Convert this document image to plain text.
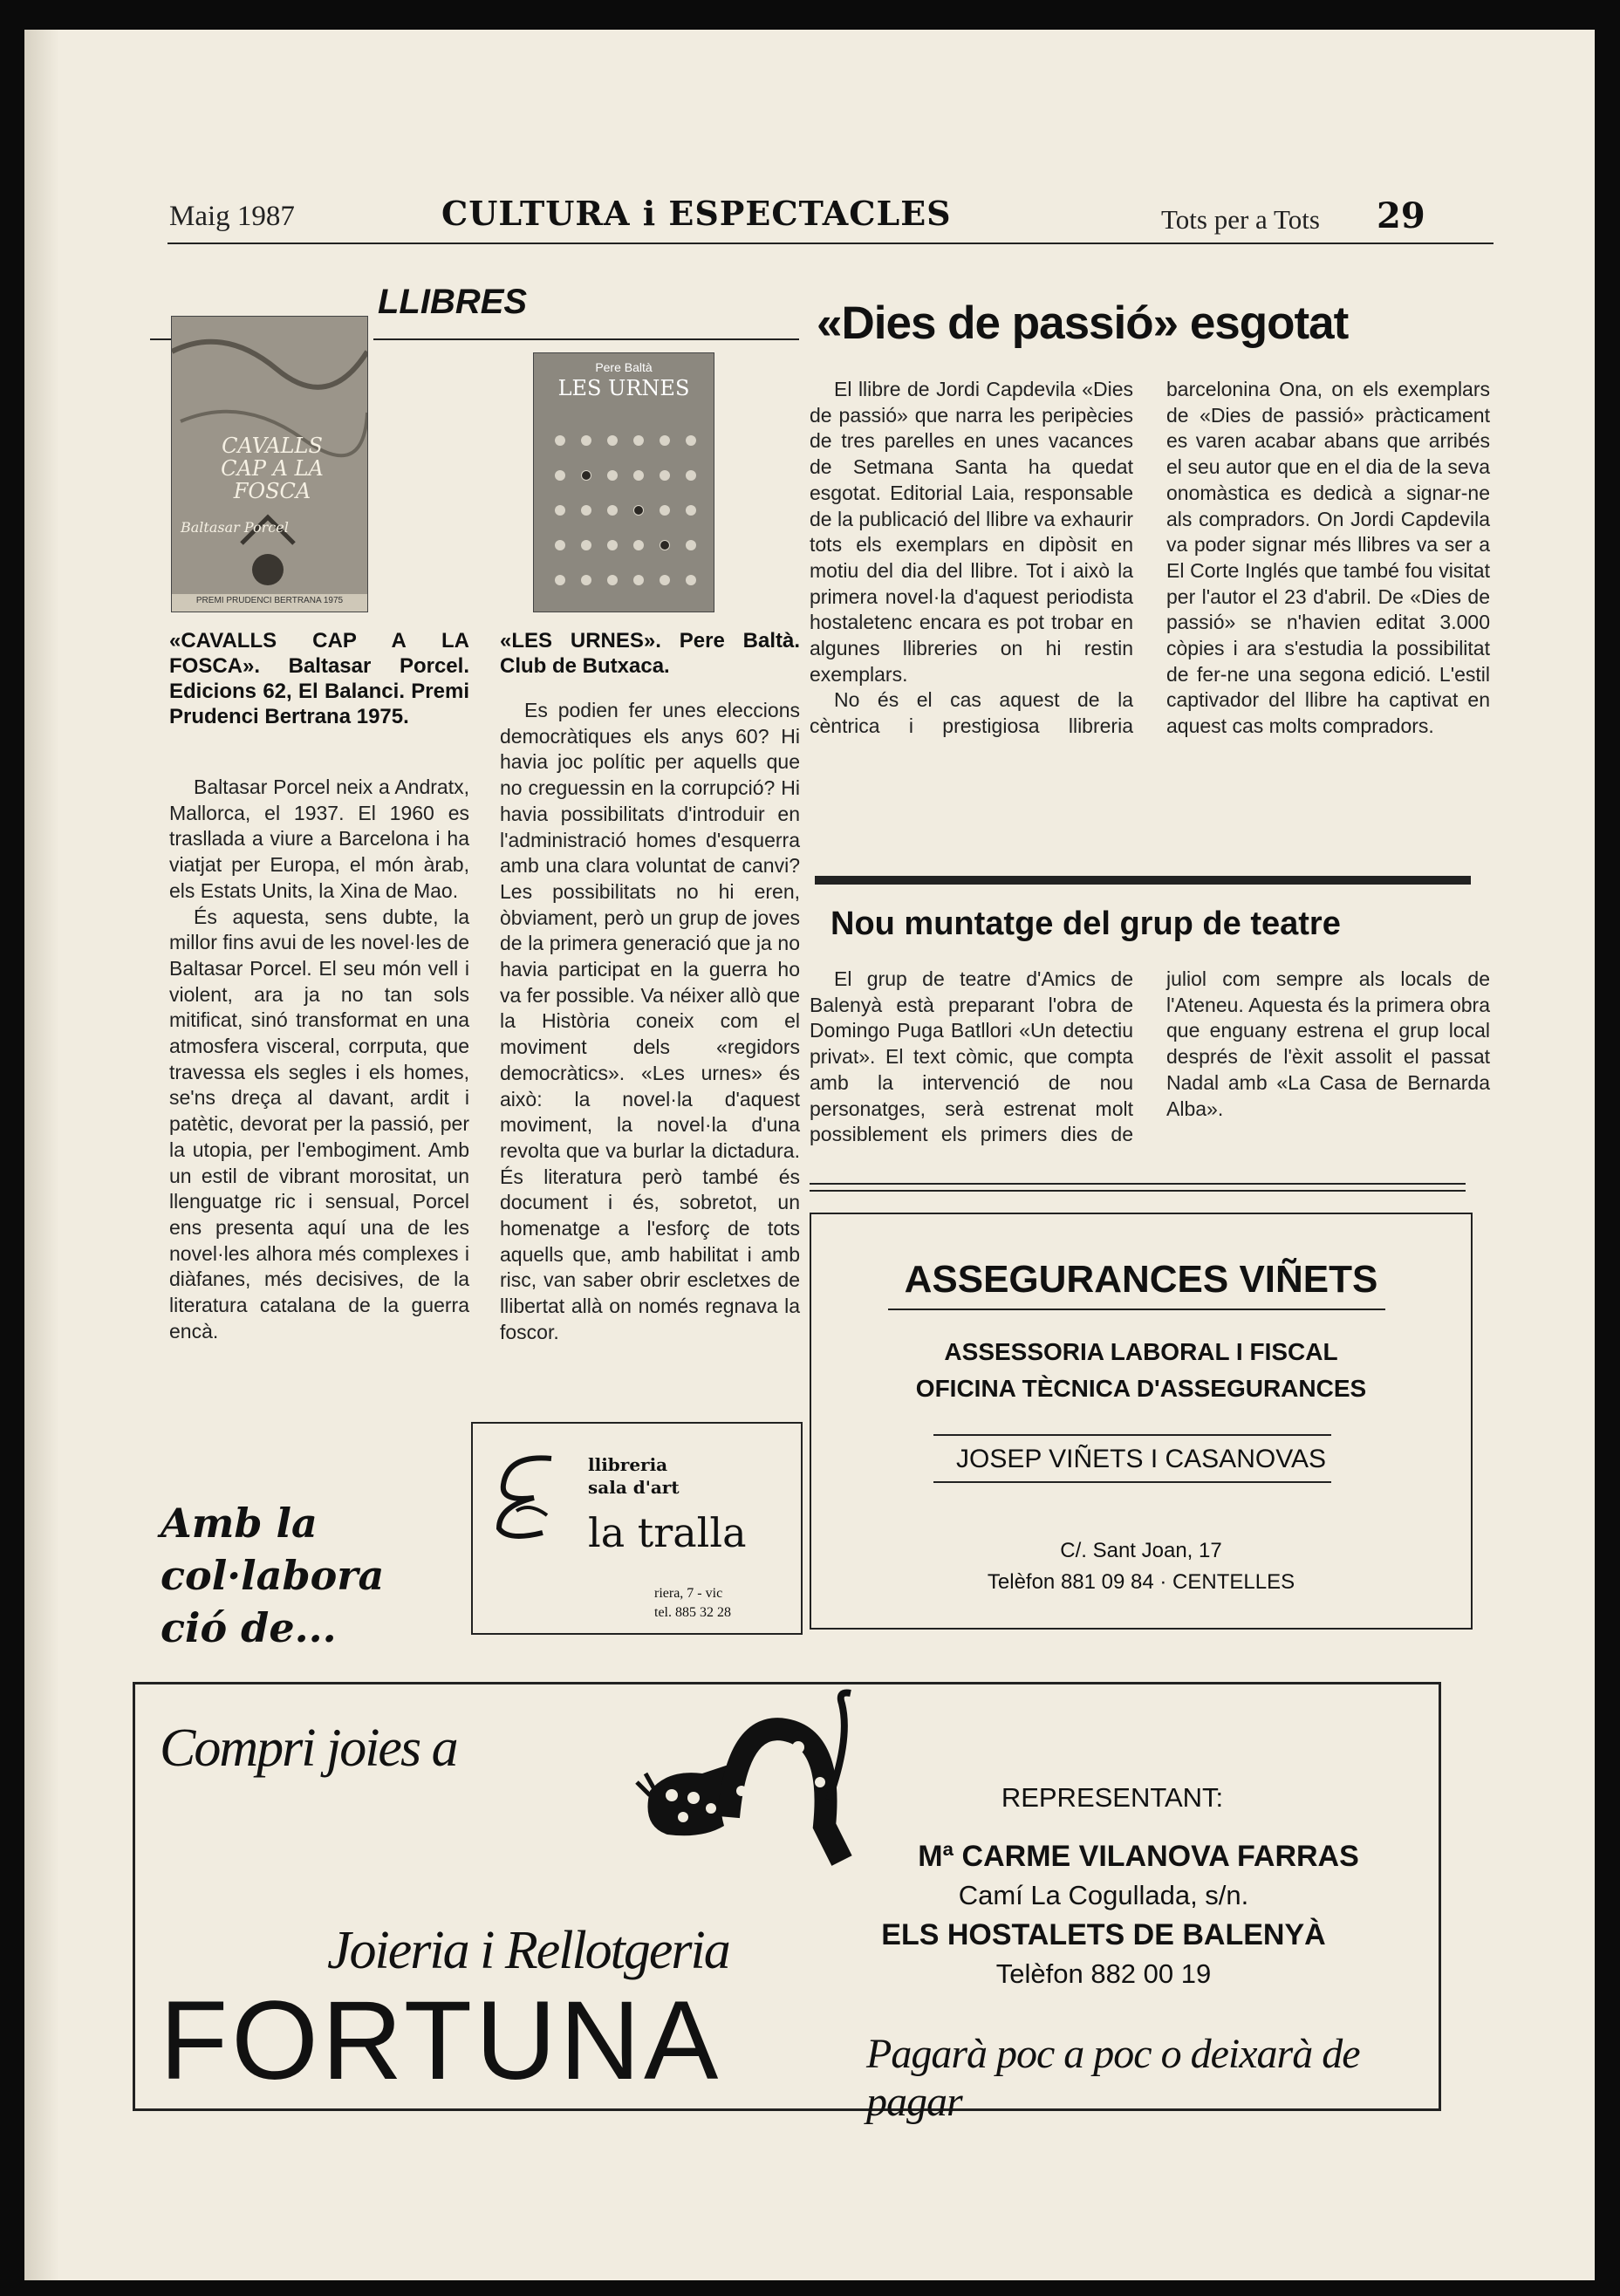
Maig 1987	CULTURA i ESPECTACLES	Tots per a Tots 29
LLIBRES
CAVALLS CAP A LA FOSCA
Baltasar Porcel
PREMI PRUDENCI BERTRANA 1975
Pere Baltà
LES URNES
«CAVALLS CAP A LA FOSCA». Baltasar Porcel. Edicions 62, El Balanci. Premi Prudenci Bertrana 1975.

Baltasar Porcel neix a Andratx, Mallorca, el 1937. El 1960 es trasllada a viure a Barcelona i ha viatjat per Europa, el món àrab, els Estats Units, la Xina de Mao.

És aquesta, sens dubte, la millor fins avui de les novel·les de Baltasar Porcel. El seu món vell i violent, ara ja no tan sols mitificat, sinó transformat en una atmosfera visceral, corrputa, que travessa els segles i els homes, se'ns dreça al davant, ardit i patètic, devorat per la passió, per la utopia, per l'embogiment. Amb un estil de vibrant morositat, un llenguatge ric i sensual, Porcel ens presenta aquí una de les novel·les alhora més complexes i diàfanes, més decisives, de la literatura catalana de la guerra encà.

«LES URNES». Pere Baltà. Club de Butxaca.

Es podien fer unes eleccions democràtiques els anys 60? Hi havia joc polític per aquells que no creguessin en la corrupció? Hi havia possibilitats d'introduir en l'administració homes d'esquerra amb una clara voluntat de canvi? Les possibilitats no hi eren, òbviament, però un grup de joves de la primera generació que ja no havia participat en la guerra ho va fer possible. Va néixer allò que la Història coneix com el moviment dels «regidors democràtics». «Les urnes» és això: la novel·la d'aquest moviment, la novel·la d'una revolta que va burlar la dictadura. És literatura però també és document i és, sobretot, un homenatge a l'esforç de tots aquells que, amb habilitat i amb risc, van saber obrir escletxes de llibertat allà on només regnava la foscor.

«Dies de passió» esgotat

El llibre de Jordi Capdevila «Dies de passió» que narra les peripècies de tres parelles en unes vacances de Setmana Santa ha quedat esgotat. Editorial Laia, responsable de la publicació del llibre va exhaurir tots els exemplars en dipòsit en motiu del dia del llibre. Tot i això la primera novel·la d'aquest periodista hostaletenc encara es pot trobar en algunes llibreries on hi restin exemplars.

No és el cas aquest de la cèntrica i prestigiosa llibreria barcelonina Ona, on els exemplars de «Dies de passió» pràcticament es varen acabar abans que arribés el seu autor que en el dia de la seva onomàstica es dedicà a signar-ne als compradors. On Jordi Capdevila va poder signar més llibres va ser a El Corte Inglés que també fou visitat per l'autor el 23 d'abril. De «Dies de passió» se n'havien editat 3.000 còpies i ara s'estudia la possibilitat de fer-ne una segona edició. L'estil captivador del llibre ha captivat en aquest cas molts compradors.

Nou muntatge del grup de teatre

El grup de teatre d'Amics de Balenyà està preparant l'obra de Domingo Puga Batllori «Un detectiu privat». El text còmic, que compta amb la intervenció de nou personatges, serà estrenat molt possiblement els primers dies de juliol com sempre als locals de l'Ateneu. Aquesta és la primera obra que enguany estrena el grup local després de l'èxit assolit el passat Nadal amb «La Casa de Bernarda Alba».

ASSEGURANCES VIÑETS
ASSESSORIA LABORAL I FISCAL
OFICINA TÈCNICA D'ASSEGURANCES
JOSEP VIÑETS I CASANOVAS
C/. Sant Joan, 17
Telèfon 881 09 84 · CENTELLES
Amb la
col·labora
ció de...
llibreria
sala d'art
la tralla
riera, 7 - vic
tel. 885 32 28
Compri joies a
Joieria i Rellotgeria
FORTUNA
REPRESENTANT:
Mª CARME VILANOVA FARRAS
Camí La Cogullada, s/n.
ELS HOSTALETS DE BALENYÀ
Telèfon 882 00 19
Pagarà poc a poc o deixarà de pagar
